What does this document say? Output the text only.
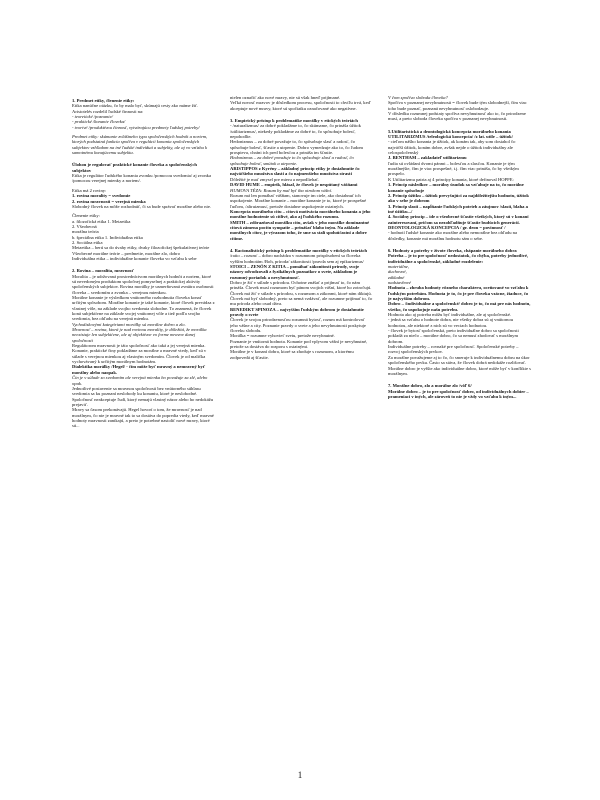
1. Predmet etiky, členenie etiky:

Etika nanúčne otázku, čo by malo byť, skúmajú cesty ako máme žiť.

Aristotelés rozdelil ľudské činnosti na:

- teoretické /poznanie/

- praktické /konanie človeka/

- tvorivé /produktívnu činnosť, vytvárajúcu predmety ľudskej potreby/

Predmet etiky: skúmanie zvláštneho typu spoločenských hodnôt a noriem, ktorých podstatná funkcia spočíva v regulácii konania spoločenských subjektov vzhľadom na iné ľudské indivíduá a subjekty, ale aj vo vzťahu k samotnému konajúcemu subjektu.

Úlohou je regulovať praktické konanie človeka a spoločenských subjektov

Etika je regulátor ľudského konania zvonku /pomocou svedomia/ aj zvonka /pomocou verejnej mienky a noriem/.

Etika má 2 roviny:

1. rovina morality = svedomie

2. rovina mravnosti = verejná mienka

Slobodný človek na môže rozhodnúť, či sa bude správať morálne alebo nie.

Členenie etiky:

a. filozofická etika 1. Metaetika

2. Všeobecná

morálna teória

b. špeciálna etika 1. Individuálna etika

2. Sociálna etika

Metaetika – berú sa do úvahy etiky, dvaky filozofickej špekulatívnej teórie

Všeobecné morálne teórie – predmetie, morálne zlo, dobro

Individuálna etika – individuálne konanie človeka vo vzťahu k sebe

2. Rovina – moralita, mravnosť

Moralita – je udržovaná prostredníctvom morálnych hodnôt a noriem, ktoré sú nevedomým produktom spoločnej pomyselnej a praktickej aktivity spoločenských subjektov. Rovina morálky je usmerňovaná zvnútra osobnosti človeka – svedomím a zvonka – verejnou mienkou.

Morálne konanie je výsledkom vnútorného rozhodnutia človeka konať určitým spôsobom. Morálne konanie je také konanie, ktoré človek prevádza z vlastnej vôle, na základe svojho svedomia slobodne. To znamená, že človek koná subjektívne na základe svojej vnútornej vôle a tiež podľa svojho svedomia, bez ohľadu na verejnú mienku.

Vychodiskovými kategóriami morálky sú morálne dobro a zlo.

Mravnosť – rovina, ktorá je nad rovinou morality, je dôležitá, že morálka neexistuje len subjektívne, ale aj objektívne vo forme mravov danej spoločnosti

Regulátorom mravnosti je táto spoločnosť ako taká a jej verejná mienka. Konanie, praktické činy pokladáme za morálne a mravné vtedy, keď sú v súlade s verejnou mienkou aj vlastným svedomím. Človek je od malička vychovávaný k určitým morálnym hodnotám.

Dialektika morálky /Hegel/ - čím môže byť mravný a nemravný byť morálny alebo naopak.

Čin je v súlade so svedomím ale verejná mienka ho považuje za zlé, alebo opak.

Jednotlivé postavenie sa mravnou spoločnosti bez vnútorného súhlasu svedomia sa ku poznaní neslobody ku konaniu, ktoré je neslobodné. Spoločnosť neakceptuje ľudí, ktorý nemajú vlastný názor alebo ho nedokážu prejaviť.

Mravy sa časom prekonávajú. Hegel hovorí o tom, že mravnosť je nad morálnym, čo nie je mravné tak to sa dostáva do popredia vtedy, keď mravné hodnoty mravnosti zanikajú, a preto je potrebné nastoliť nové mravy, ktoré sú...

nielen označiť ako nové mravy, nie sú však hneď prijímané.

Veľká novosť mravov je dôsledkom procesu, spoločnosti to chvíľu trvá, keď akceptuje nové mravy, ktoré sú spočiatku označované ako negatívne.

3. Empirický prístup k problematike morálky v etických teóriách

- /naturalizmus/ za dobré pokladáme to, čo skúmame, čo prináša úžitok /utilitarizmus/, niekedy pokladáme za dobré to, čo spôsobuje bolesť, nepohodlie.

Hedonizmus – za dobré považuje to, čo spôsobuje slasť a radosť, čo spôsobuje bolesť, šťastie a utrpenie. Dobro vymedzuje ako to, čo ľudom prospieva, chráni ich pred bolesťou a prináša im šťastie.

Hedonizmus – za dobré považuje to čo spôsobuje slasť a radosť, čo spôsobuje bolesť, smútok a utrpenie.

ARISTIPPOS z Kyrény – základný princíp etiky je dosiahnutie čo najväčšieho množstva slastí a čo najmenšieho množstva strastí

Dôležité je mať zmysel pre mieru a nepodliehať.

DAVID HUME – empirik, hlásal, že človek je nespútaný vášňami

HUMOVA TÉZA: Rozum by mal byť iba otrokom vášní.

Rozum má len pomáhať vášňam, stanovuje im ciele, ako dosiahnuť ich uspokojenie. Morálne konanie – morálne konanie je to, ktoré je prospešné ľuďom, /altruizmus/, pretože dosiahne uspokojenie ostatných.

Koncepcia morálneho citu – citová motivácia morálneho konania a jeho morálne hodnotenie sú citlivé, ako aj ľudského rozumu.

SMITH – zdôrazňoval morálku citu, avšak v jeho morálke dominantné citová zámena pocitu sympatie – prinášať blaho iným. Na základe morálnych citov, je výrazom toho, že sme sa stali spoluúčastní a dobre cítime.

4. Racionalistický prístup k problematike morálky v etických teóriách

/ratio – rozum/ – dobro nachádza v rozumnom prispôsobení sa človeka vyšším hodnotám /Boh, príroda/ zákonitosti /pravda sem aj epikurizmus/

STOICI – ZENÓN Z KITIA – pomáhať zákonitosti prírody, svoje názory odvodzovali z fyzikálnych poznatkov o svete, základom je rozumný poriadok a nevyhnutnosť.

Dobro je žiť v súlade s prírodou. Ochotne znášať a prijímať to, čo nám prináša. Človek musí rozumom byť pánom svojich vášní, ktoré ho zotročujú.

Človek má žiť v súlade s prírodou, s rozumom a zákonmi, ktoré nám diktujú. Človek má byť slobodný, preto sa nemá vzdávať, ale rozumne prijímať to, čo mu príroda alebo osud dáva.

BENEDIKT SPINOZA – najvyšším ľudským dobrom je dosiahnutie pravdy o svete

Človek je svojou prirodzenosťou rozumná bytosť, rozum má kontrolovať jeho vášne a city. Poznanie pravdy o svete a jeho nevyhnutnosti poskytuje človeku slobodu.

Morálka = rozumne vyhovieť svetu, pretože nevyhnutné.

Poznanie je vnútorná hodnota. Konanie pod vplyvom vášní je nevyhnutné, pretože sa dostáva do rozporu s ostatnými.

Morálne je v konaní dobra, ktoré sa zhoduje s rozumom, a ktorému zodpovedá aj šťastie.

V čom spočíva sloboda človeka?

Spočíva v poznanej nevyhnutnosti = človek bude tým slobodnejší, čím viac toho bude poznať, poznaná nevyhnutnosť oslobodzuje.

V dôsledku rozumnej podstaty spočíva nevyhnutnosť ako to, čo prirodzene musí, a preto sloboda človeka spočíva v poznanej nevyhnutnosti.

5.Utilitaristická a deontologická koncepcia morálneho konania

UTILITARIZMUS /teleologická koncepcia/ /z lat. utile – úžitok/

- cieľom nášho konania je úžitok, ak konám tak, aby som dosiahol čo najväčší úžitok, konám dobre, avšak nejde o úžitok individuálny ale celospoločenský

J. BENTHAM – zakladateľ utilitarizmu

ľudia sú ovládaní dvomi pánmi – bolesťou a slasťou. Konanie je tým morálnejšie, čím je viac prospešné, t.j. čím viac prináša, čo by všetkým prospelo.

K Utilitarizmu patria aj 4 princípy konania, ktoré definoval HOPPE:

1. Princíp následkov – morálny úsudok sa vzťahuje na to, čo morálne konanie spôsobuje

2. Princíp úžitku – úžitok prevyšujúci za najdôležitejšiu hodnotu, úžitok ako v sebe je dobrom

3. Princíp slasti – napĺňanie ľudských potrieb a záujmov /slasti, blaha a iné úžitku.../

4. Sociálny princíp – ide o všeobecné šťastie všetkých, ktorý sú v konaní zainteresovaní, pričom sa nezohľadňuje šťastie budúcich generácií.

DEONTOLOGICKÁ KONCEPCIA / gr. deon = povinnosť /

- hodnotí ľudské konanie ako morálne alebo nemorálne bez ohľadu na dôsledky, konanie má morálnu hodnotu sám o sebe.

6. Hodnoty a potreby v živote človeka, chápanie morálneho dobra

Potreba – je to pre spoločnosť nedostatok, čo chýba, potreby jednotlivé, individuálne a spoločenské, základné rozdelenie:

materiálne,

duchovné,

základné

nadstavbové

Hodnota – zhruba hodnoty rôzneho charakteru, oceňované vo vzťahu k ľudským potrebám. Hodnota je to, čo je pre človeka vzácne, žiaduce, čo je najvyšším dobrom.

Dobro – /individuálne a spoločenské/ dobro je to, čo má pre nás hodnotu, všetko, čo uspokojuje našu potrebu.

Hodnota ako aj potreba môžu byť individuálne, ale aj spoločenské.

- jedná sa vzťahu o hodnote dobra, nie všetky dobra sú aj vnútornou hodnotou, ale niektoré z nich sú vo veciach hodnotou.

- človek je bytosť spoločenská, preto individuálne dobro sa spoločnosti pokladá za niečo – morálne dobro, čo sa nemusí zhodovať s morálnym dobrom.

Individuálne potreby – rovnaké pre spoločnosť. Spoločenské potreby – rozvoj spoločenských prvkov.

Za morálne považujeme aj to čo, čo smeruje k individuálnemu dobru na úkor spoločenského prvku. Často sa stáva, že človek dobrá nedokáže rozlišovať.

Morálne dobro je vyššie ako individuálne dobro, ktoré môže byť v konflikte s morálnym.

7. Morálne dobro, zlo a morálne zlo /vôľ 6/

Morálne dobro – je to pre spoločnosť dobro, od individuálnych dobier – prameniaci v iných, ale zároveň to nie je vždy vo vzťahu k iným...

1
